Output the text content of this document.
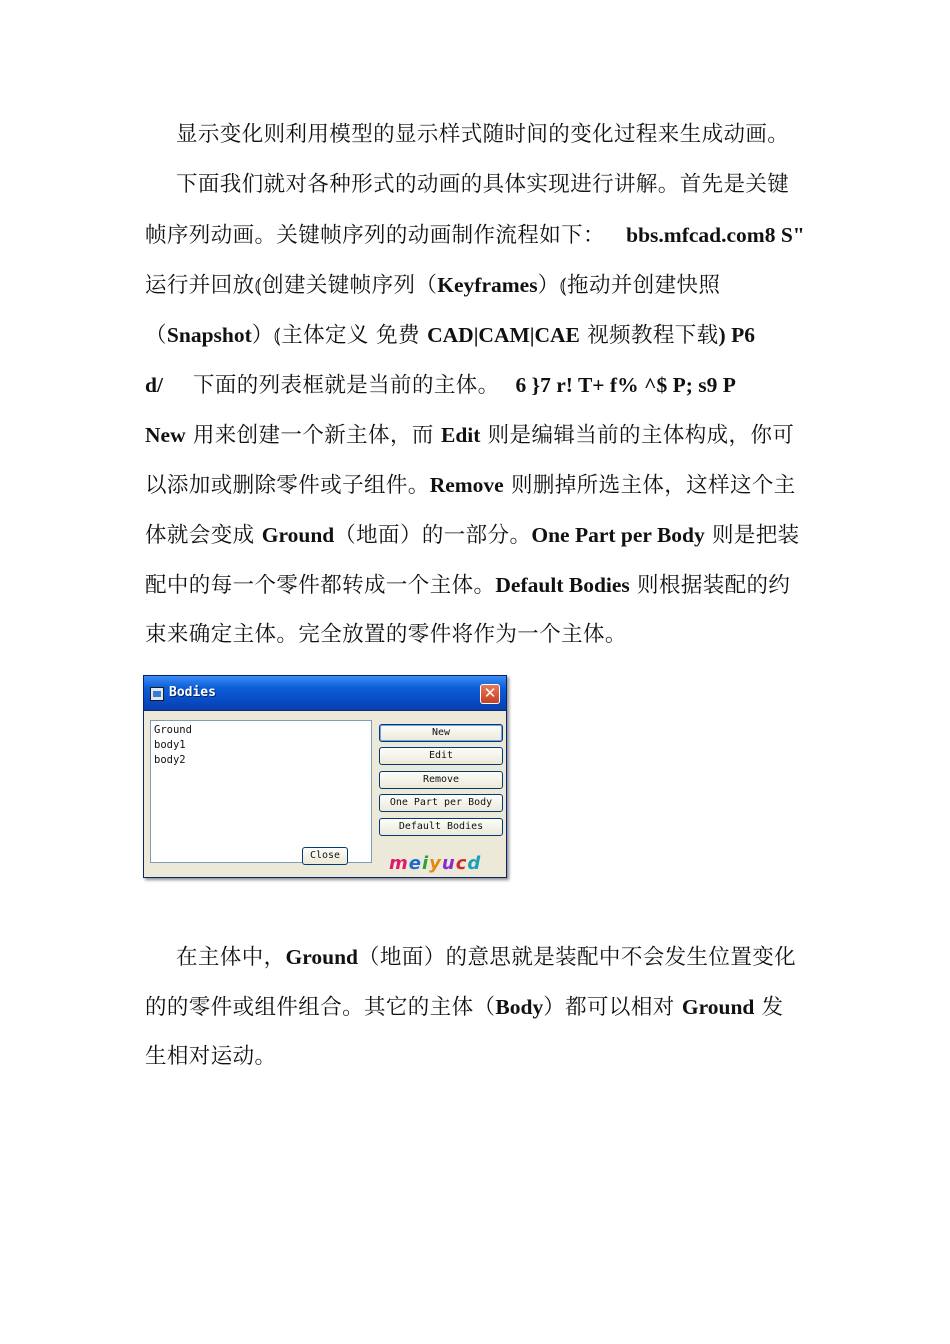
显示变化则利用模型的显示样式随时间的变化过程来生成动画。
下面我们就对各种形式的动画的具体实现进行讲解。首先是关键
帧序列动画。关键帧序列的动画制作流程如下： bbs.mfcad.com8 S"
运行并回放⦅创建关键帧序列（Keyframes）⦅拖动并创建快照
（Snapshot）⦅主体定义 免费 CAD|CAM|CAE 视频教程下载) P6
d/ 下面的列表框就是当前的主体。 6 }7 r! T+ f% ^$ P; s9 P
New 用来创建一个新主体，而 Edit 则是编辑当前的主体构成，你可
以添加或删除零件或子组件。Remove 则删掉所选主体，这样这个主
体就会变成 Ground（地面）的一部分。One Part per Body 则是把装
配中的每一个零件都转成一个主体。Default Bodies 则根据装配的约
束来确定主体。完全放置的零件将作为一个主体。
Bodies	✕
Ground
body1
body2
New
Edit
Remove
One Part per Body
Default Bodies
Close	meiyucd
在主体中，Ground（地面）的意思就是装配中不会发生位置变化
的的零件或组件组合。其它的主体（Body）都可以相对 Ground 发
生相对运动。
